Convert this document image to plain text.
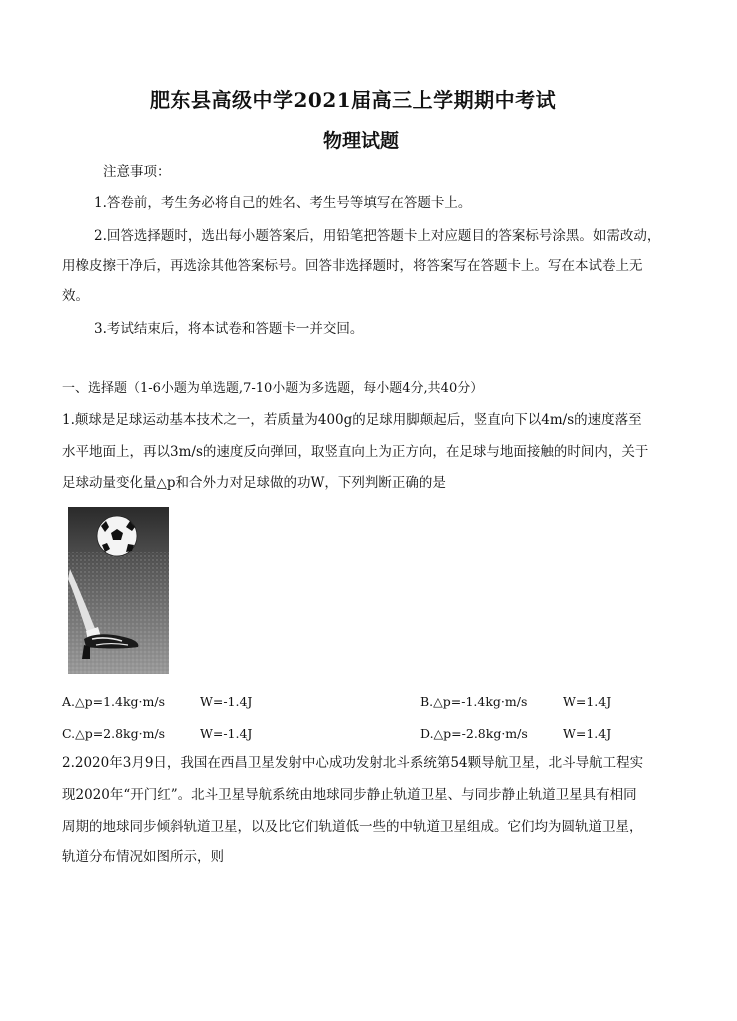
肥东县高级中学2021届高三上学期期中考试
物理试题
注意事项：
1.答卷前，考生务必将自己的姓名、考生号等填写在答题卡上。
2.回答选择题时，选出每小题答案后，用铅笔把答题卡上对应题目的答案标号涂黑。如需改动，
用橡皮擦干净后，再选涂其他答案标号。回答非选择题时，将答案写在答题卡上。写在本试卷上无
效。
3.考试结束后，将本试卷和答题卡一并交回。
一、选择题（1-6小题为单选题,7-10小题为多选题，每小题4分,共40分）
1.颠球是足球运动基本技术之一，若质量为400g的足球用脚颠起后，竖直向下以4m/s的速度落至
水平地面上，再以3m/s的速度反向弹回，取竖直向上为正方向，在足球与地面接触的时间内，关于
足球动量变化量△p和合外力对足球做的功W，下列判断正确的是
A.△p=1.4kg·m/s	W=-1.4J	B.△p=-1.4kg·m/s	W=1.4J
C.△p=2.8kg·m/s	W=-1.4J	D.△p=-2.8kg·m/s	W=1.4J
2.2020年3月9日，我国在西昌卫星发射中心成功发射北斗系统第54颗导航卫星，北斗导航工程实
现2020年“开门红”。北斗卫星导航系统由地球同步静止轨道卫星、与同步静止轨道卫星具有相同
周期的地球同步倾斜轨道卫星，以及比它们轨道低一些的中轨道卫星组成。它们均为圆轨道卫星，
轨道分布情况如图所示，则
